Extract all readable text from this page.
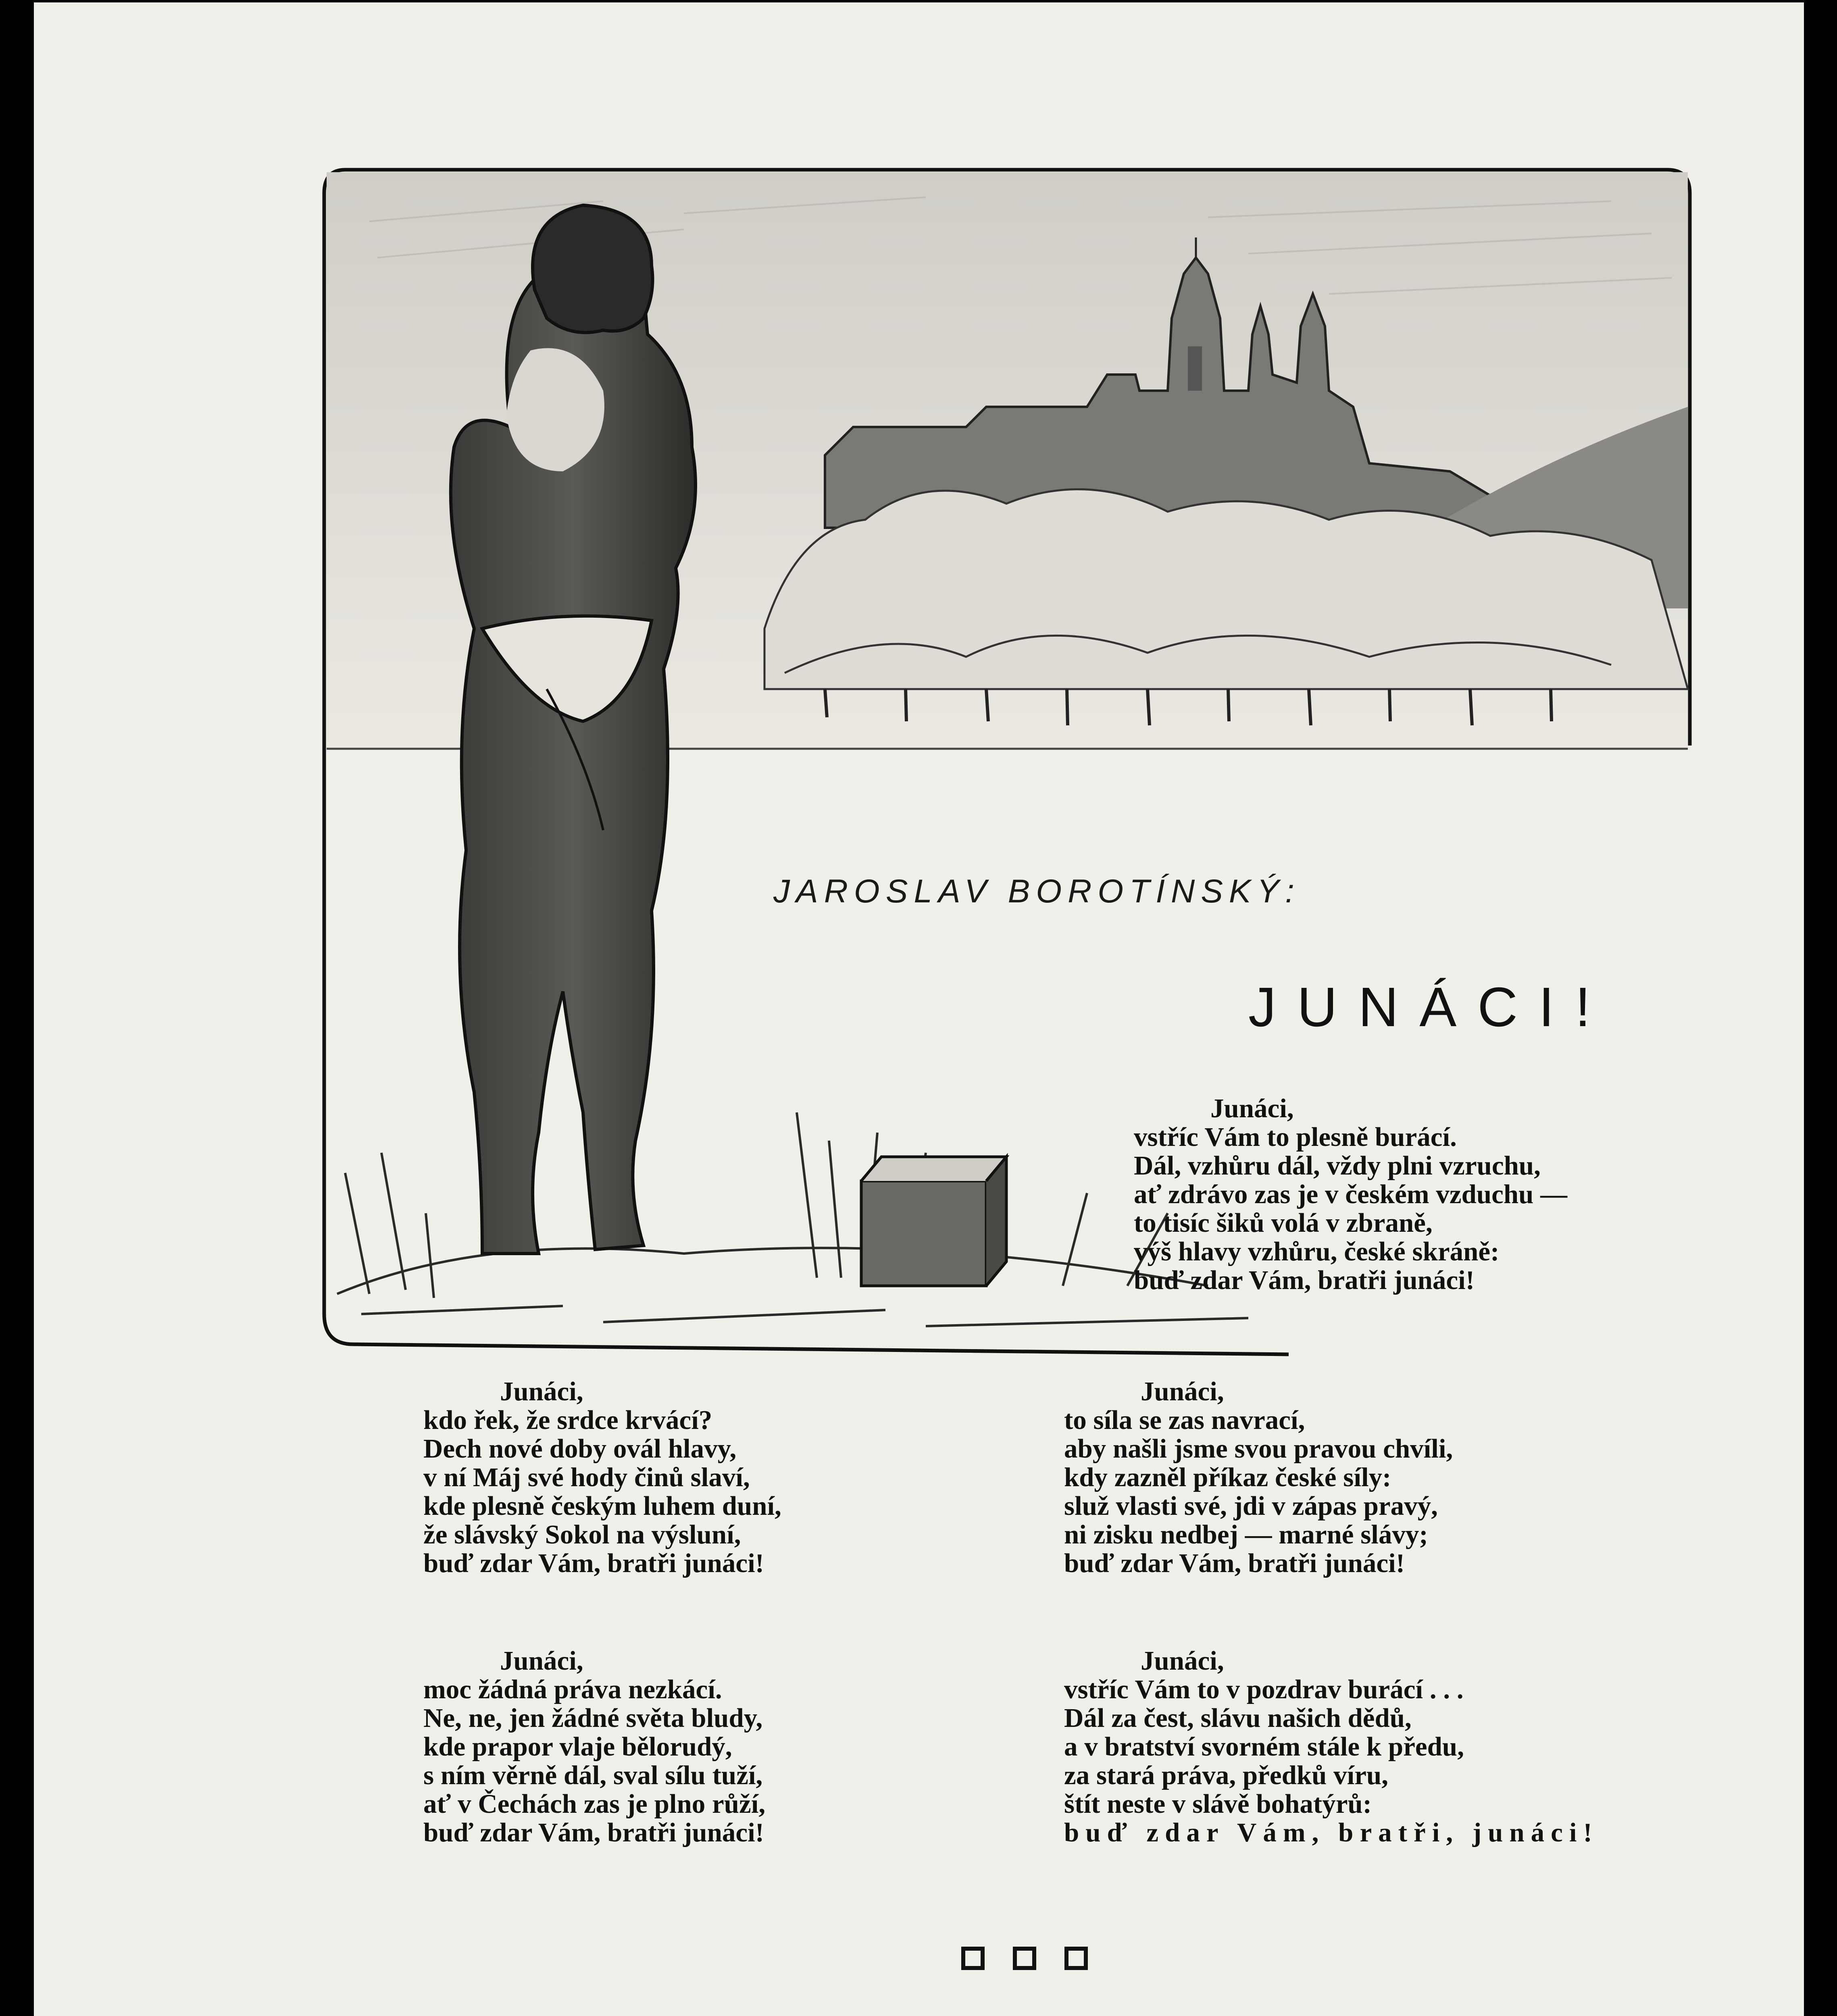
JAROSLAV BOROTÍNSKÝ:
JUNÁCI!
Junáci,
vstříc Vám to plesně burácí.
Dál, vzhůru dál, vždy plni vzruchu,
ať zdrávo zas je v českém vzduchu —
to tisíc šiků volá v zbraně,
výš hlavy vzhůru, české skráně:
buď zdar Vám, bratři junáci!
Junáci,
kdo řek, že srdce krvácí?
Dech nové doby ovál hlavy,
v ní Máj své hody činů slaví,
kde plesně českým luhem duní,
že slávský Sokol na výsluní,
buď zdar Vám, bratři junáci!
Junáci,
to síla se zas navrací,
aby našli jsme svou pravou chvíli,
kdy zazněl příkaz české síly:
služ vlasti své, jdi v zápas pravý,
ni zisku nedbej — marné slávy;
buď zdar Vám, bratři junáci!
Junáci,
moc žádná práva nezkácí.
Ne, ne, jen žádné světa bludy,
kde prapor vlaje bělorudý,
s ním věrně dál, sval sílu tuží,
ať v Čechách zas je plno růží,
buď zdar Vám, bratři junáci!
Junáci,
vstříc Vám to v pozdrav burácí . . .
Dál za čest, slávu našich dědů,
a v bratství svorném stále k předu,
za stará práva, předků víru,
štít neste v slávě bohatýrů:
buď zdar Vám, bratři, junáci!
